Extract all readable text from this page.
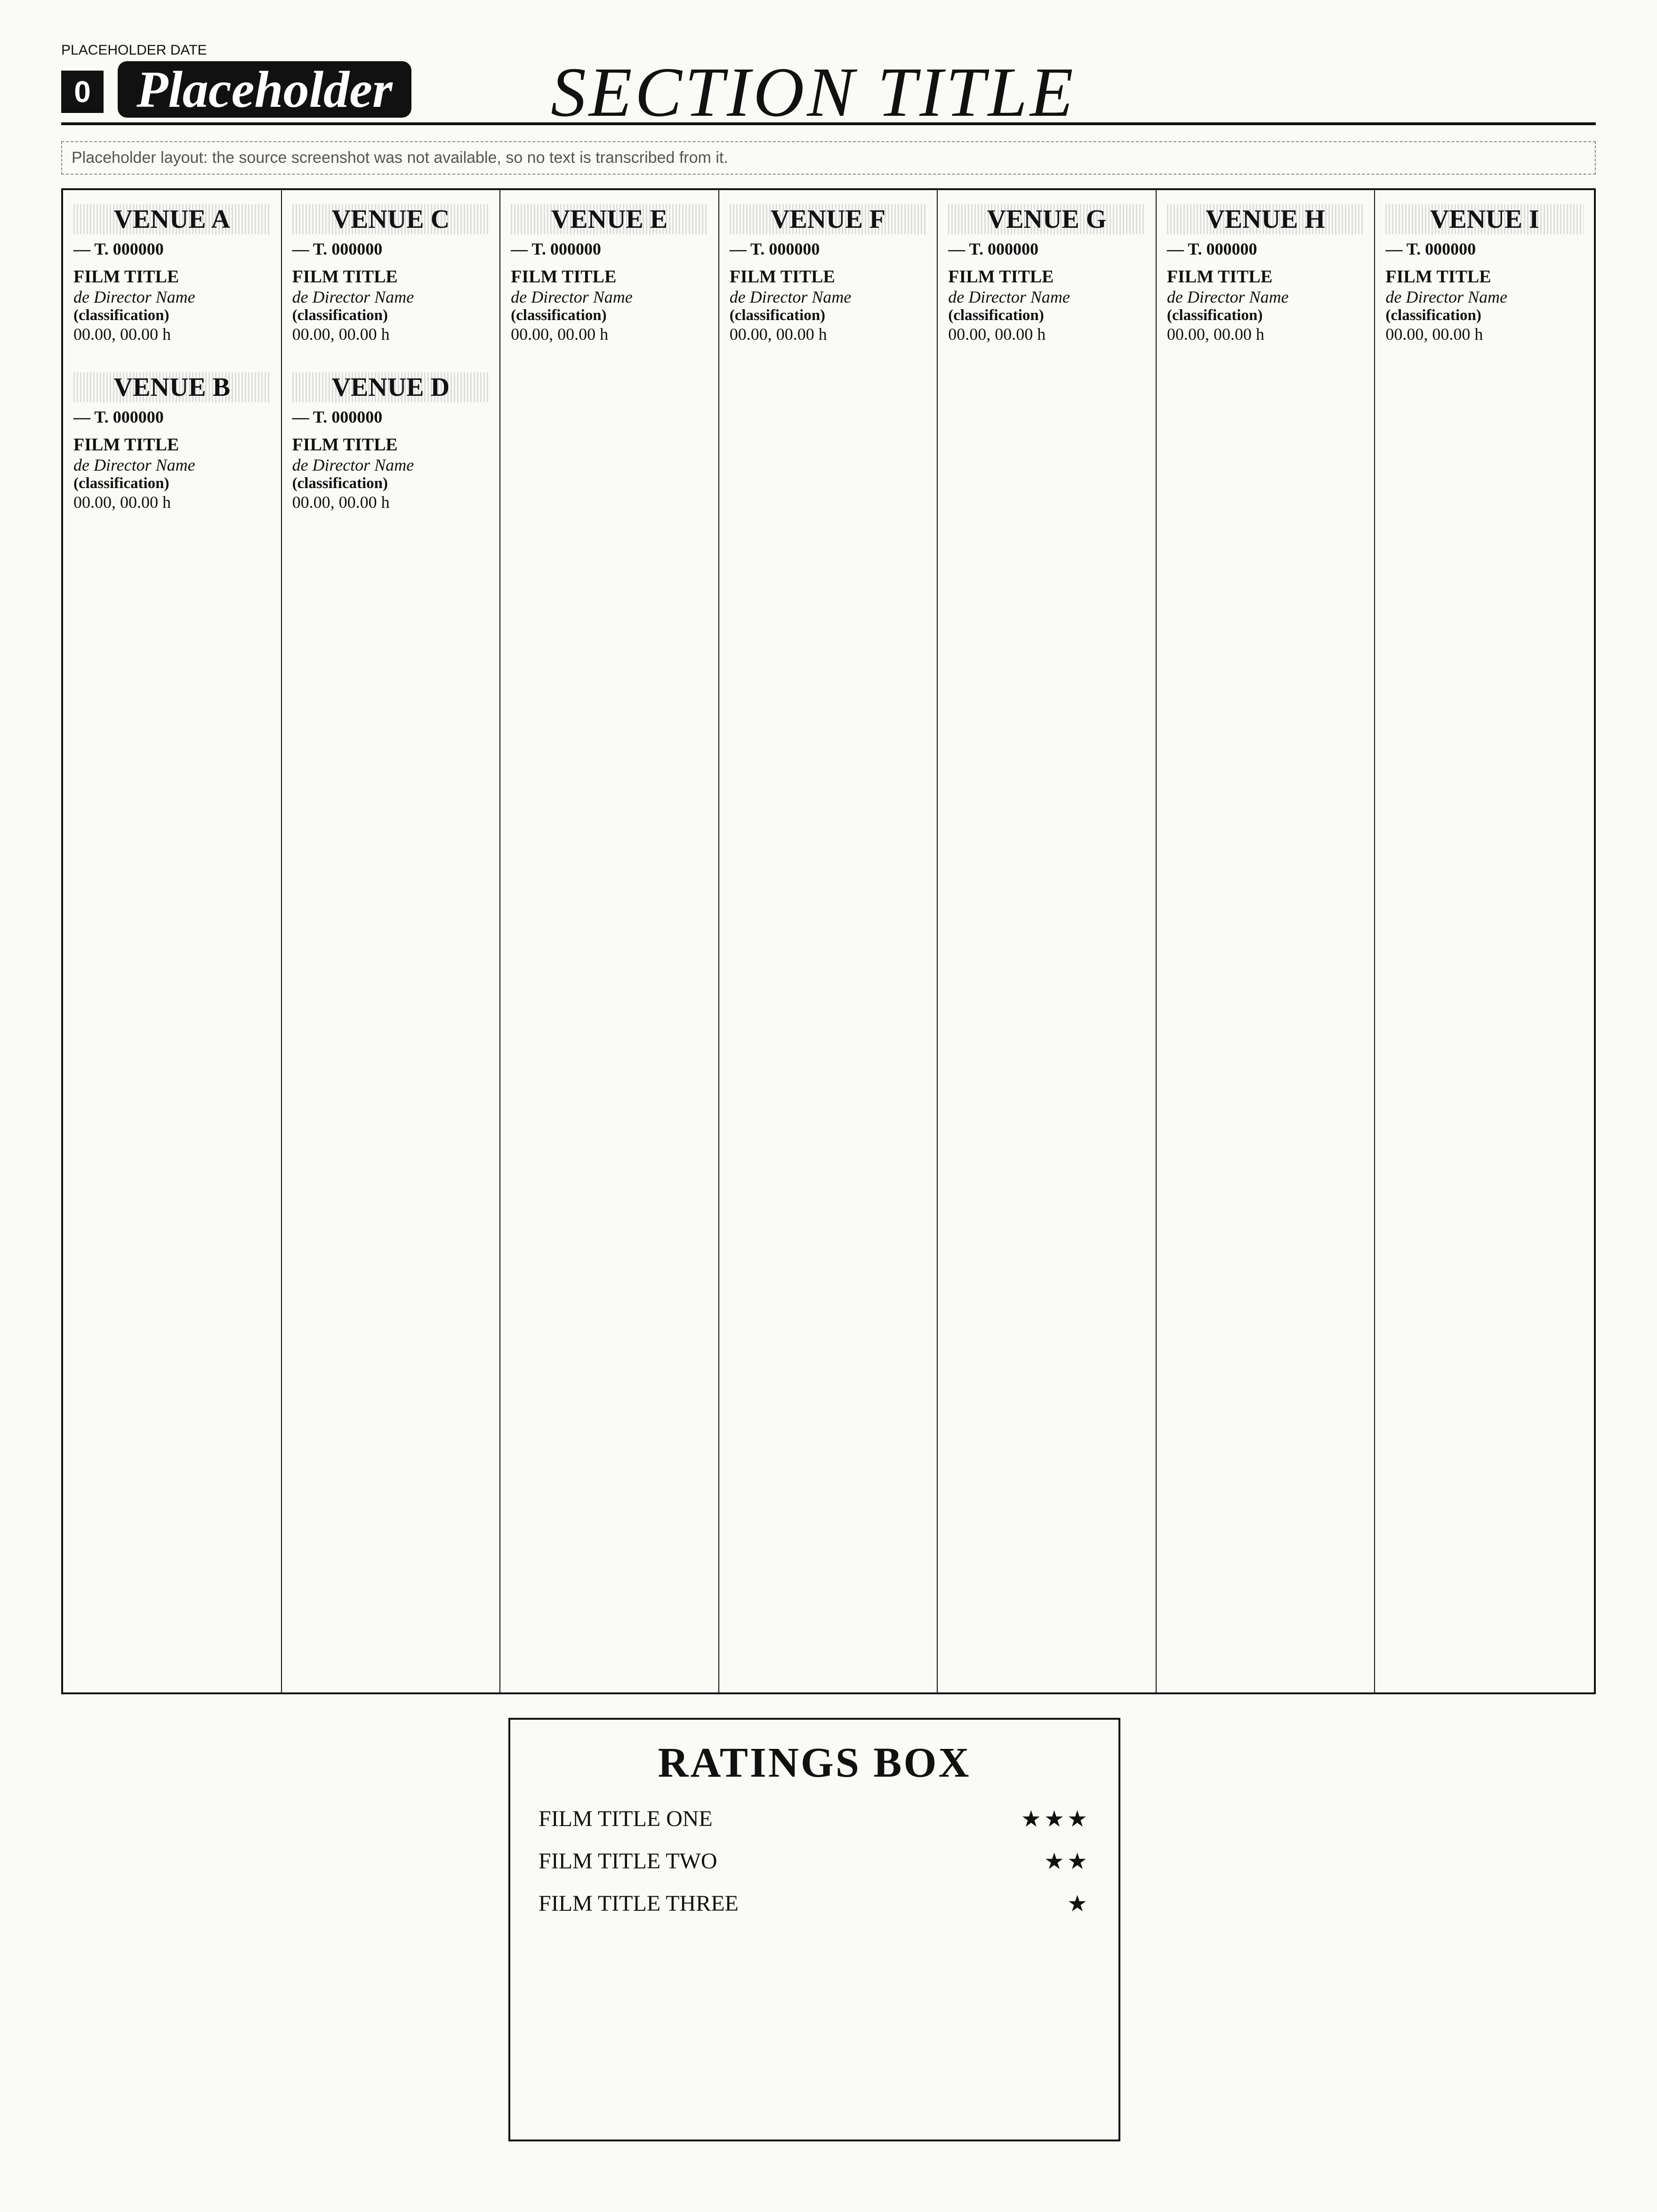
PLACEHOLDER DATE
0 Placeholder SECTION TITLE
Placeholder layout: the source screenshot was not available, so no text is transcribed from it.
VENUE A
— T. 000000
FILM TITLE
de Director Name
(classification)
00.00, 00.00 h
VENUE B
— T. 000000
FILM TITLE
de Director Name
(classification)
00.00, 00.00 h
VENUE C
— T. 000000
FILM TITLE
de Director Name
(classification)
00.00, 00.00 h
VENUE D
— T. 000000
FILM TITLE
de Director Name
(classification)
00.00, 00.00 h
VENUE E
— T. 000000
FILM TITLE
de Director Name
(classification)
00.00, 00.00 h
VENUE F
— T. 000000
FILM TITLE
de Director Name
(classification)
00.00, 00.00 h
VENUE G
— T. 000000
FILM TITLE
de Director Name
(classification)
00.00, 00.00 h
VENUE H
— T. 000000
FILM TITLE
de Director Name
(classification)
00.00, 00.00 h
VENUE I
— T. 000000
FILM TITLE
de Director Name
(classification)
00.00, 00.00 h
RATINGS BOX
FILM TITLE ONE	★★★
FILM TITLE TWO	★★
FILM TITLE THREE	★
